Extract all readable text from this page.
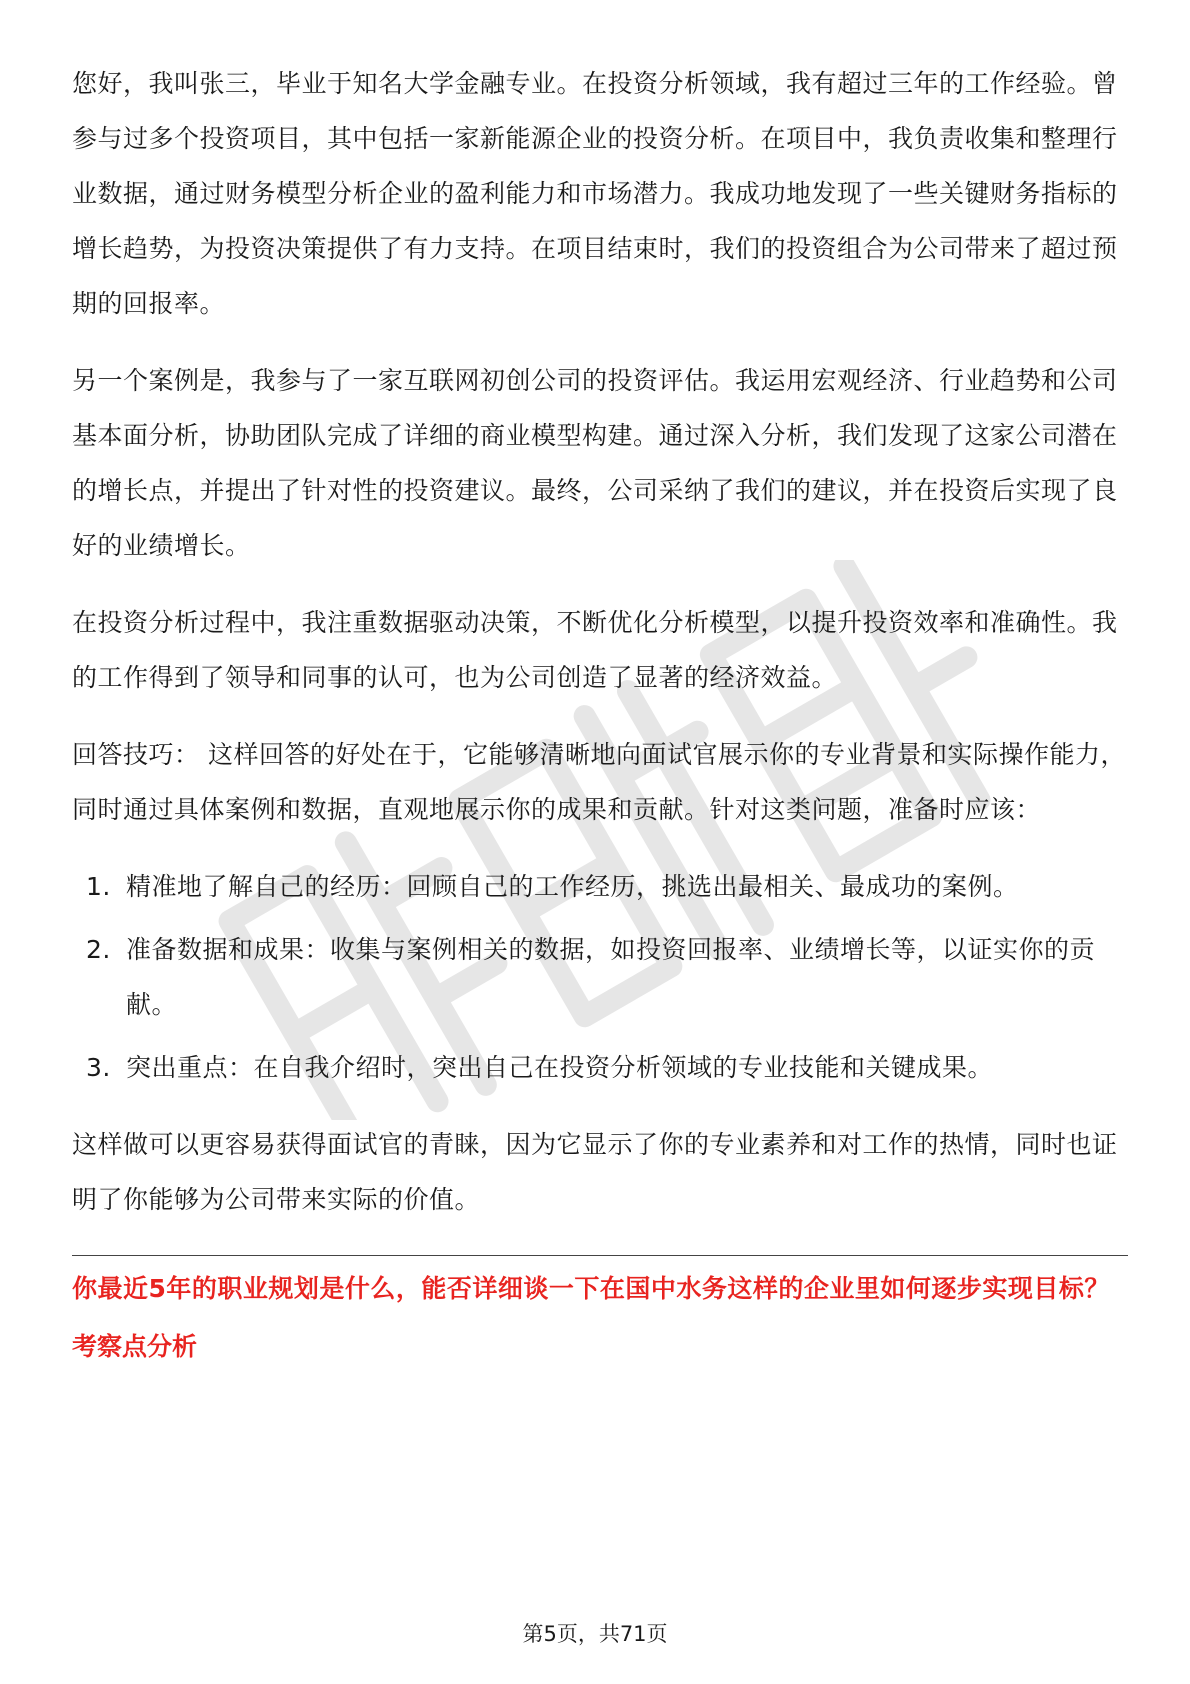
您好，我叫张三，毕业于知名大学金融专业。在投资分析领域，我有超过三年的工作经验。曾参与过多个投资项目，其中包括一家新能源企业的投资分析。在项目中，我负责收集和整理行业数据，通过财务模型分析企业的盈利能力和市场潜力。我成功地发现了一些关键财务指标的增长趋势，为投资决策提供了有力支持。在项目结束时，我们的投资组合为公司带来了超过预期的回报率。

另一个案例是，我参与了一家互联网初创公司的投资评估。我运用宏观经济、行业趋势和公司基本面分析，协助团队完成了详细的商业模型构建。通过深入分析，我们发现了这家公司潜在的增长点，并提出了针对性的投资建议。最终，公司采纳了我们的建议，并在投资后实现了良好的业绩增长。

在投资分析过程中，我注重数据驱动决策，不断优化分析模型，以提升投资效率和准确性。我的工作得到了领导和同事的认可，也为公司创造了显著的经济效益。

回答技巧： 这样回答的好处在于，它能够清晰地向面试官展示你的专业背景和实际操作能力，同时通过具体案例和数据，直观地展示你的成果和贡献。针对这类问题，准备时应该：

1. 精准地了解自己的经历：回顾自己的工作经历，挑选出最相关、最成功的案例。
2. 准备数据和成果：收集与案例相关的数据，如投资回报率、业绩增长等，以证实你的贡献。
3. 突出重点：在自我介绍时，突出自己在投资分析领域的专业技能和关键成果。

这样做可以更容易获得面试官的青睐，因为它显示了你的专业素养和对工作的热情，同时也证明了你能够为公司带来实际的价值。

你最近5年的职业规划是什么，能否详细谈一下在国中水务这样的企业里如何逐步实现目标？

考察点分析

第5页，共71页
